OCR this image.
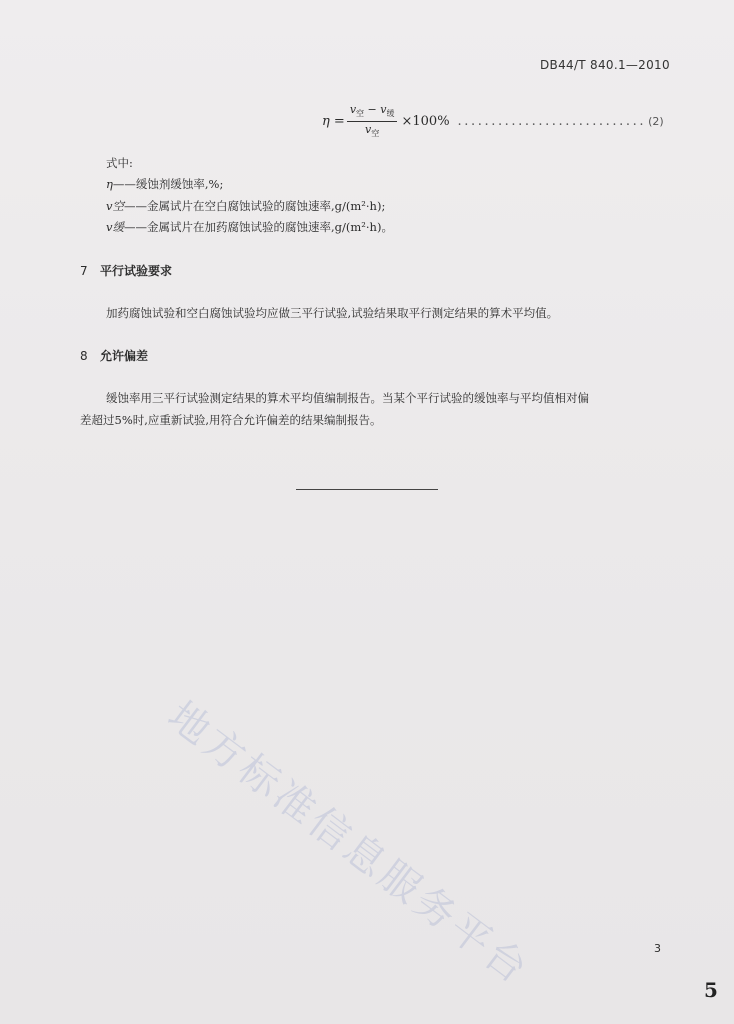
DB44/T 840.1—2010
$\eta = \frac{v_空 - v_缓}{v_空} \times 100\%$ ............................ (2)
式中:
η——缓蚀剂缓蚀率,%;
v空——金属试片在空白腐蚀试验的腐蚀速率,g/(m²·h);
v缓——金属试片在加药腐蚀试验的腐蚀速率,g/(m²·h)。
7 平行试验要求
加药腐蚀试验和空白腐蚀试验均应做三平行试验,试验结果取平行测定结果的算术平均值。
8 允许偏差
缓蚀率用三平行试验测定结果的算术平均值编制报告。当某个平行试验的缓蚀率与平均值相对偏
差超过5%时,应重新试验,用符合允许偏差的结果编制报告。
地方标准信息服务平台	3
5
